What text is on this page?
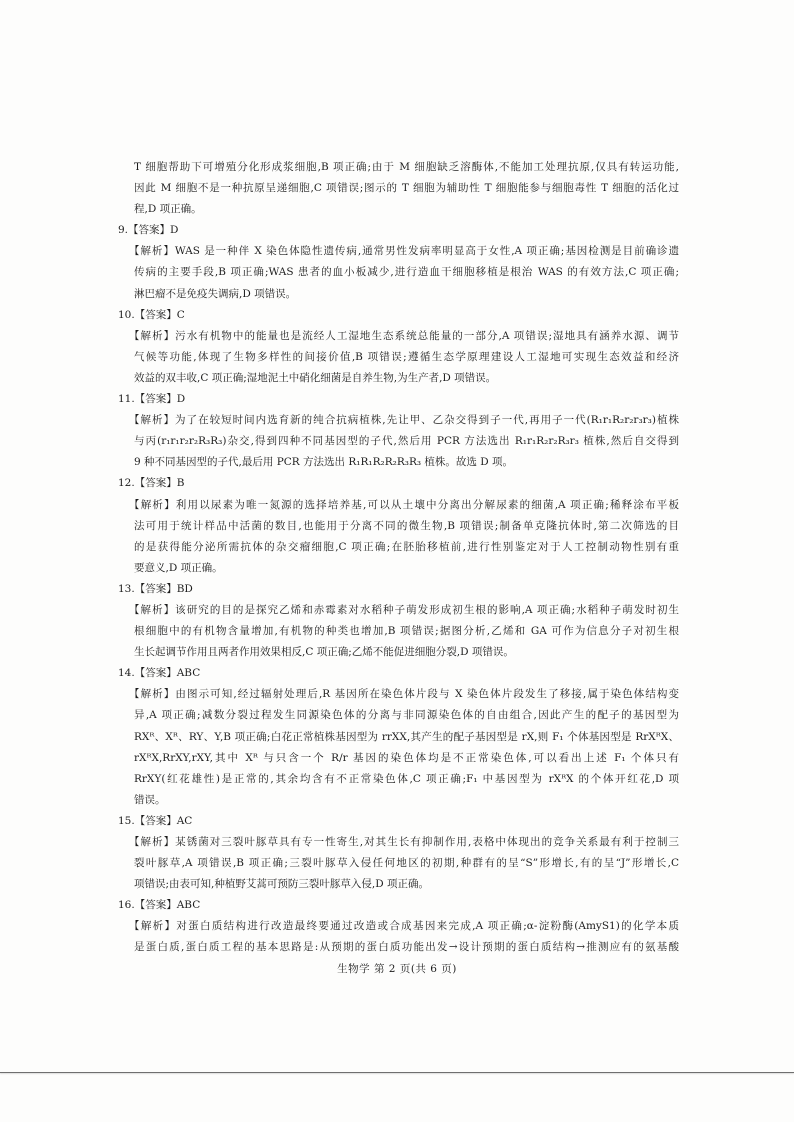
T 细胞帮助下可增殖分化形成浆细胞,B 项正确;由于 M 细胞缺乏溶酶体,不能加工处理抗原,仅具有转运功能,
因此 M 细胞不是一种抗原呈递细胞,C 项错误;图示的 T 细胞为辅助性 T 细胞能参与细胞毒性 T 细胞的活化过
程,D 项正确。
9.【答案】D
【解析】WAS 是一种伴 X 染色体隐性遗传病,通常男性发病率明显高于女性,A 项正确;基因检测是目前确诊遗
传病的主要手段,B 项正确;WAS 患者的血小板减少,进行造血干细胞移植是根治 WAS 的有效方法,C 项正确;
淋巴瘤不是免疫失调病,D 项错误。
10.【答案】C
【解析】污水有机物中的能量也是流经人工湿地生态系统总能量的一部分,A 项错误;湿地具有涵养水源、调节
气候等功能,体现了生物多样性的间接价值,B 项错误;遵循生态学原理建设人工湿地可实现生态效益和经济
效益的双丰收,C 项正确;湿地泥土中硝化细菌是自养生物,为生产者,D 项错误。
11.【答案】D
【解析】为了在较短时间内选育新的纯合抗病植株,先让甲、乙杂交得到子一代,再用子一代(R₁r₁R₂r₂r₃r₃)植株
与丙(r₁r₁r₂r₂R₃R₃)杂交,得到四种不同基因型的子代,然后用 PCR 方法选出 R₁r₁R₂r₂R₃r₃ 植株,然后自交得到
9 种不同基因型的子代,最后用 PCR 方法选出 R₁R₁R₂R₂R₃R₃ 植株。故选 D 项。
12.【答案】B
【解析】利用以尿素为唯一氮源的选择培养基,可以从土壤中分离出分解尿素的细菌,A 项正确;稀释涂布平板
法可用于统计样品中活菌的数目,也能用于分离不同的微生物,B 项错误;制备单克隆抗体时,第二次筛选的目
的是获得能分泌所需抗体的杂交瘤细胞,C 项正确;在胚胎移植前,进行性别鉴定对于人工控制动物性别有重
要意义,D 项正确。
13.【答案】BD
【解析】该研究的目的是探究乙烯和赤霉素对水稻种子萌发形成初生根的影响,A 项正确;水稻种子萌发时初生
根细胞中的有机物含量增加,有机物的种类也增加,B 项错误;据图分析,乙烯和 GA 可作为信息分子对初生根
生长起调节作用且两者作用效果相反,C 项正确;乙烯不能促进细胞分裂,D 项错误。
14.【答案】ABC
【解析】由图示可知,经过辐射处理后,R 基因所在染色体片段与 X 染色体片段发生了移接,属于染色体结构变
异,A 项正确;减数分裂过程发生同源染色体的分离与非同源染色体的自由组合,因此产生的配子的基因型为
RXᴿ、Xᴿ、RY、Y,B 项正确;白花正常植株基因型为 rrXX,其产生的配子基因型是 rX,则 F₁ 个体基因型是 RrXᴿX、
rXᴿX,RrXY,rXY,其中 Xᴿ 与只含一个 R/r 基因的染色体均是不正常染色体,可以看出上述 F₁ 个体只有
RrXY(红花雄性)是正常的,其余均含有不正常染色体,C 项正确;F₁ 中基因型为 rXᴿX 的个体开红花,D 项
错误。
15.【答案】AC
【解析】某锈菌对三裂叶豚草具有专一性寄生,对其生长有抑制作用,表格中体现出的竞争关系最有利于控制三
裂叶豚草,A 项错误,B 项正确;三裂叶豚草入侵任何地区的初期,种群有的呈“S”形增长,有的呈“J”形增长,C
项错误;由表可知,种植野艾蒿可预防三裂叶豚草入侵,D 项正确。
16.【答案】ABC
【解析】对蛋白质结构进行改造最终要通过改造或合成基因来完成,A 项正确;α-淀粉酶(AmyS1)的化学本质
是蛋白质,蛋白质工程的基本思路是:从预期的蛋白质功能出发→设计预期的蛋白质结构→推测应有的氨基酸
生物学 第 2 页(共 6 页)
